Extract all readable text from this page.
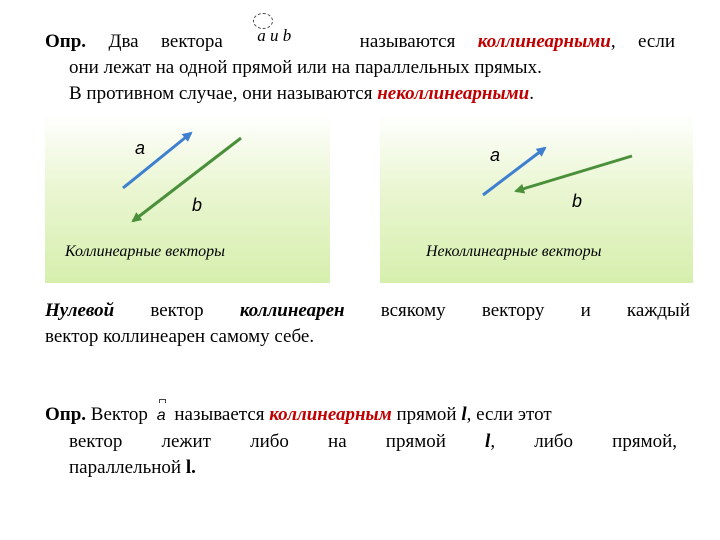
Опр. Два вектора a и b	называются коллинеарными, если
они лежат на одной прямой или на параллельных прямых.
В противном случае, они называются неколлинеарными.
a
b
Коллинеарные векторы
a
b
Неколлинеарные векторы
Нулевой вектор коллинеарен всякому вектору и каждый
вектор коллинеарен самому себе.
Опр. Вектор a называется коллинеарным прямой l, если этот
вектор лежит либо на прямой l, либо прямой,
параллельной l.
